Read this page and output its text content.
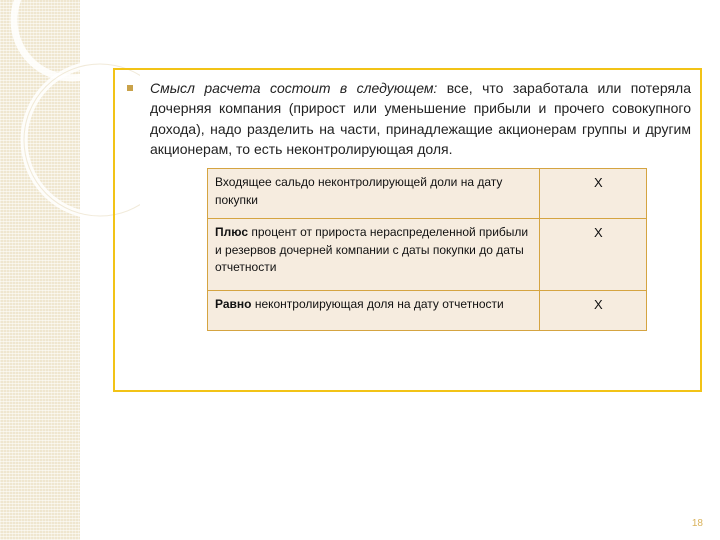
Смысл расчета состоит в следующем: все, что заработала или потеряла дочерняя компания (прирост или уменьшение прибыли и прочего совокупного дохода), надо разделить на части, принадлежащие акционерам группы и другим акционерам, то есть неконтролирующая доля.

Входящее сальдо неконтролирующей доли на дату покупки
X
Плюс процент от прироста нераспределенной прибыли и резервов дочерней компании с даты покупки до даты отчетности
X
Равно неконтролирующая доля на дату отчетности	X
18
